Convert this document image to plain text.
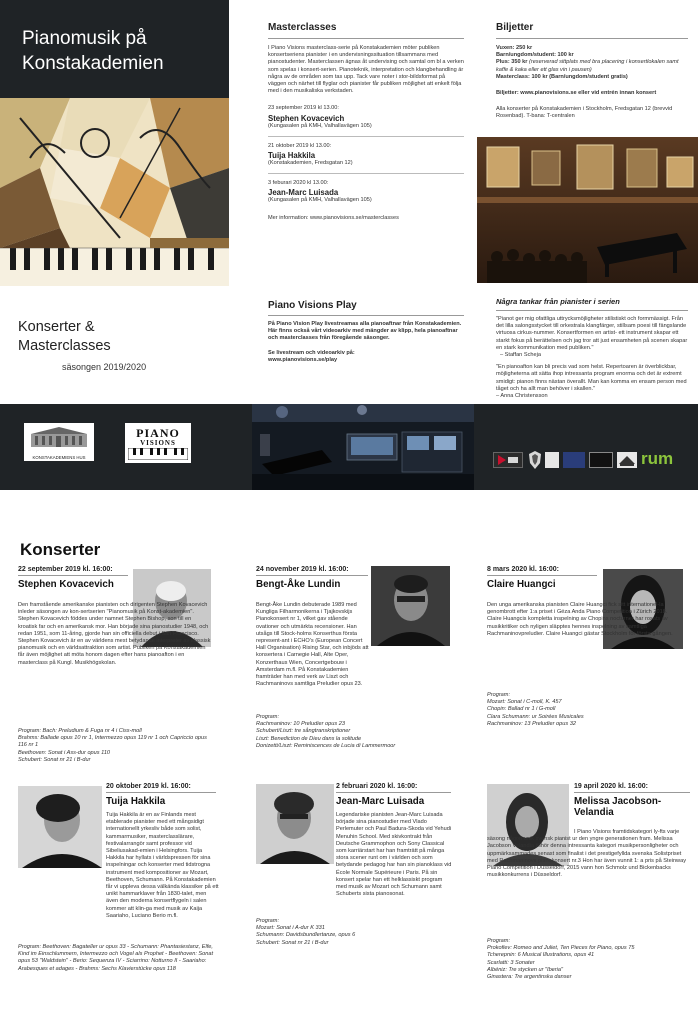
Pianomusik på
Konstakademien
Konserter &
Masterclasses
säsongen 2019/2020
Masterclasses

I Piano Visions masterclass-serie på Konstakademien möter publiken konsertseriens pianister i en undervisningssituation tillsammans med pianostudenter. Masterclassen ägnas åt undervising och samtal om bl a verken som spelas i konsert-serien. Pianoteknik, interpretation och klangbehandling är några av de områden som tas upp. Tack vare noter i stor-bildsformat på väggen och närhet till flyglar och pianister får publiken möjlighet att enkelt följa med i den musikaliska verkstaden.

23 september 2019 kl 13.00:
Stephen Kovacevich
(Kungasalen på KMH, Valhallavägen 105)
21 oktober 2019 kl 13.00:
Tuija Hakkila
(Konstakademien, Fredsgatan 12)
3 feburari 2020 kl 13.00:
Jean-Marc Luisada
(Kungasalen på KMH, Valhallavägen 105)
Mer information: www.pianovisions.se/masterclasses
Biljetter
Vuxen: 250 kr
Barn/ungdom/student: 100 kr
Plus: 350 kr (reserverad sittplats med bra placering i konsertlokalen samt kaffe & kaka eller ett glas vin i pausen)
Masterclass: 100 kr (Barn/ungdom/student gratis)
Biljetter: www.pianovisions.se eller vid entrén innan konsert
Alla konserter på Konstakademien i Stockholm, Fredsgatan 12 (brevvid Rosenbad). T-bana: T-centralen
Piano Visions Play

På Piano Vision Play livestreamas alla pianoaftnar från Konstakademien. Här finns också vårt videoarkiv med mängder av klipp, hela pianoaftnar och masterclasses från föregående säsonger.

Se livestream och videoarkiv på:

www.pianovisions.se/play

Några tankar från pianister i serien

"Pianot ger mig ofattliga uttrycksmöjligheter stilistiskt och formmässigt. Från det lilla salongsstycket till orkestrala klangfärger, stillsam poesi till fängslande virtuosa cirkus-nummer. Konsertformen en artist- ett instrument skapar ett starkt fokus på berättelsen och jag tror att just ensamheten på scenen skapar en stark kommunikation med publiken."

– Staffan Scheja

"En pianoafton kan bli precis vad som helst. Repertoaren är överblickbar, möjligheterna att sätta ihop intressanta program enorma och det är extremt smidigt: pianon finns nästan överallt. Man kan komma en ensam person med tåget och ha allt man behöver i skallen."

– Anna Christensson

KONSTAKADEMIENS HUS
PIANO
VISIONS
rum
Konserter
22 september 2019 kl. 16:00:
Stephen Kovacevich

Den framstående amerikanske pianisten och dirigenten Stephen Kovacevich inleder säsongen av kon-sertserien "Pianomusik på Konst-akademien". Stephen Kovacevich föddes under namnet Stephen Bishop, son till en kroatisk far och en amerikansk mor. Han började sina pianostudier 1948, och redan 1951, som 11-åring, gjorde han sin officiella debut i San Francisco. Stephen Kovacevich är en av världens mest betydande interpreter av klassisk pianomusik och en världsattraktion som artist. Publiken på Konstakademien får även möjlighet att möta honom dagen efter hans pianoafton i en masterclass på Kungl. Musikhögskolan.

Program: Bach: Preludium & Fuga nr 4 i Ciss-moll
Brahms: Ballade opus 10 nr 1, Intermezzo opus 119 nr 1 och Capriccio opus 116 nr 1
Beethoven: Sonat i Ass-dur opus 110
Schubert: Sonat nr 21 i B-dur
24 november 2019 kl. 16:00:
Bengt-Åke Lundin

Bengt-Åke Lundin debuterade 1989 med Kungliga Filharmonikerna i Tjajkovskijs Pianokonsert nr 1, vilket gav stående ovationer och utmärkta recensioner. Han utsågs till Stock-holms Konserthus första represent-ant i ECHO's (European Concert Hall Organisation) Rising Star, och inbjöds att konsertera i Carnegie Hall, Alte Oper, Konzerthaus Wien, Concertgebouw i Amsterdam m.fl. På Konstakademien framträder han med verk av Liszt och Rachmaninovs samtliga Preludier opus 23.

Program:
Rachmaninov: 10 Preludier opus 23
Schubert/Liszt: tre sångtranskriptioner
Liszt: Benediction de Dieu dans la solitude
Donizetti/Liszt: Reminiscences de Lucia di Lammermoor
8 mars 2020 kl. 16:00:
Claire Huangci

Den unga amerikanska pianisten Claire Huangci fick sitt internationel-la genombrott efter 1:a priset i Géza Anda Piano Competition i Zürich 2018. Claire Huangcis kompletta inspelning av Chopins nocturner har rosats av musikkritiker och nyligen släpptes hennes inspelning av samtliga Rachmaninovpreludier. Claire Huangci gästar Stockholm för första gången.

Program:
Mozart: Sonat i C-moll, K. 457
Chopin: Ballad nr 1 i G-moll
Clara Schumann: ur Soirées Musicales
Rachmaninov: 13 Preludier opus 32
20 oktober 2019 kl. 16:00:
Tuija Hakkila

Tuija Hakkila är en av Finlands mest etablerade pianister med ett mångsidigt internationellt yrkesliv både som solist, kammarmusiker, masterclasslärare, festivalarrangör samt professor vid Sibeliusakad-emien i Helsingfors. Tuija Hakkila har hyllats i världspressen för sina inspelningar och konserter med tidstrogna instrument med kompositioner av Mozart, Beethoven, Schumann. På Konstakademien får vi uppleva dessa välkända klassiker på ett unikt hammarklaver från 1830-talet, men även den moderna konsertflygeln i salen kommer att klin-ga med musik av Kaija Saariaho, Luciano Berio m.fl.

Program: Beethoven: Bagateller ur opus 33 - Schumann: Phantasiestanz, Elfe, Kind im Einschlummern, Intermezzo och Vogel als Prophet - Beethoven: Sonat opus 53 "Waldstein" - Berio: Sequenza IV - Sciarrino: Notturno II - Saariaho: Arabesques et adages - Brahms: Sechs Klavierstücke opus 118
2 februari 2020 kl. 16:00:
Jean-Marc Luisada

Legendariske pianisten Jean-Marc Luisada började sina pianostudier med Vlado Perlemuter och Paul Badura-Skoda vid Yehudi Menuhin School. Med skivkontrakt från Deutsche Grammophon och Sony Classical som karriärstart har han framträtt på många stora scener runt om i världen och som betydande pedagog har han sin pianoklass vid École Normale Supérieure i Paris. På sin konsert spelar han ett helklassiskt program med musik av Mozart och Schumann samt Schuberts sista pianosonat.

Program:
Mozart: Sonat i A-dur K 331
Schumann: Davidsbundlertanze, opus 6
Schubert: Sonat nr 21 i B-dur
19 april 2020 kl. 16:00:
Melissa Jacobson-Velandia

I Piano Visions framtidskategori ly-fts varje säsong någon unik svensk pianist ur den yngre generationen fram. Melissa Jacobson Velandia tillhör denna intressanta kategori musikpersonligheter och uppmärksammades senast som finalist i det prestigefyllda svenska Solistpriset med Rachmaninovs pianokonsert nr.3 Hon har även vunnit 1: a pris på Steinway Piano Competition i Düsseldorf, 2015 vann hon Schmolz und Bickenbacks musikkonkurrens i Düsseldorf.

Program:
Prokofiev: Romeo and Juliet, Ten Pieces for Piano, opus 75
Tcherepnin: 6 Musical Illustrations, opus 41
Scarlatti: 3 Sonater
Albéniz: Tre stycken ur "Iberia"
Ginastera: Tre argentinska danser
